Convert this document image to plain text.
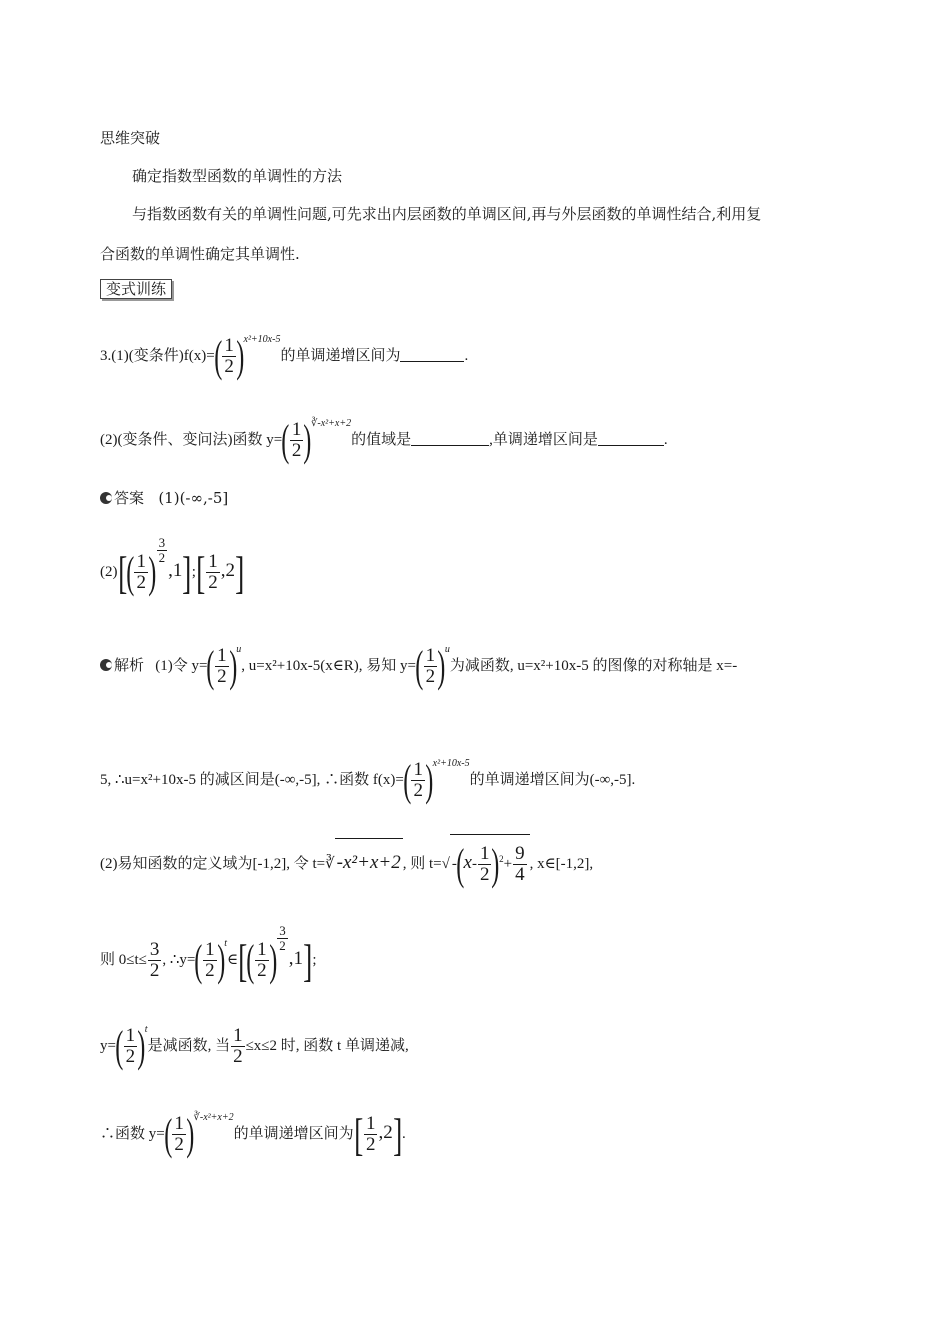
思维突破
确定指数型函数的单调性的方法
与指数函数有关的单调性问题,可先求出内层函数的单调区间,再与外层函数的单调性结合,利用复
合函数的单调性确定其单调性.
变式训练
3.(1)(变条件)$f(x)=( \frac{1}{2} )^{x^2+10x-5}$的单调递增区间为	.
(2)(变条件、变问法)函数 $y=( \frac{1}{2} )^{∛-x^2+x+2}$的值域是	,单调递增区间是	.
答案 (1)(-∞,-5]
$(2)[( \frac{1}{2}$ ) $\frac{3}{2}$
,1];[ $\frac{1}{2} ,2$]
解析 (1)令 $y=( \frac{1}{2} )^u$, u=x²+10x-5(x∈R), 易知 $y=( \frac{1}{2} )^u$为减函数, u=x²+10x-5 的图像的对称轴是 x=-
5, ∴u=x²+10x-5 的减区间是(-∞,-5], ∴函数 $f(x)=( \frac{1}{2} )^{x^2+10x-5}$的单调递增区间为(-∞,-5].
(2)易知函数的定义域为[-1,2], 令 t=∛ -x²+x+2 , 则 t=√ $-(x- \frac{1}{2} )^2+ \frac{9}{4}$ , x∈[-1,2],
则 $0\le t\le \frac{3}{2}$ , ∴y=( $\frac{1}{2}$ )$^t$∈[( $\frac{1}{2}$ ) $\frac{3}{2}$
,1];
$y=( \frac{1}{2} )^t$是减函数, 当 $\frac{1}{2} \le x\le 2$ 时, 函数 t 单调递减,
∴函数 $y=( \frac{1}{2} )^{∛-x^2+x+2}$的单调递增区间为[ $\frac{1}{2} ,2$].
